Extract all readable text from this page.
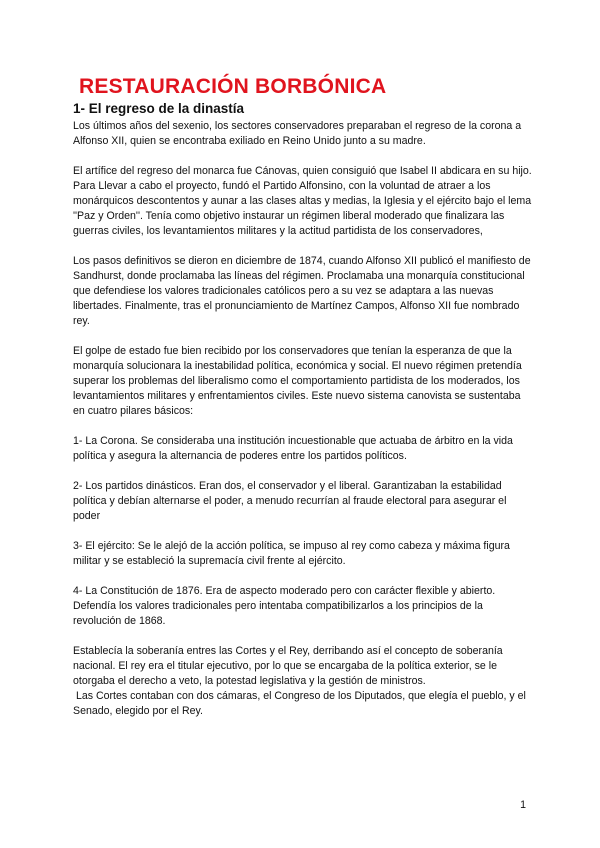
RESTAURACIÓN BORBÓNICA
1- El regreso de la dinastía

Los últimos años del sexenio, los sectores conservadores preparaban el regreso de la corona a Alfonso XII, quien se encontraba exiliado en Reino Unido junto a su madre.

El artífice del regreso del monarca fue Cánovas, quien consiguió que Isabel II abdicara en su hijo. Para Llevar a cabo el proyecto, fundó el Partido Alfonsino, con la voluntad de atraer a los monárquicos descontentos y aunar a las clases altas y medias, la Iglesia y el ejército bajo el lema ''Paz y Orden''. Tenía como objetivo instaurar un régimen liberal moderado que finalizara las guerras civiles, los levantamientos militares y la actitud partidista de los conservadores,

Los pasos definitivos se dieron en diciembre de 1874, cuando Alfonso XII publicó el manifiesto de Sandhurst, donde proclamaba las líneas del régimen. Proclamaba una monarquía constitucional que defendiese los valores tradicionales católicos pero a su vez se adaptara a las nuevas libertades. Finalmente, tras el pronunciamiento de Martínez Campos, Alfonso XII fue nombrado rey.

El golpe de estado fue bien recibido por los conservadores que tenían la esperanza de que la monarquía solucionara la inestabilidad política, económica y social. El nuevo régimen pretendía superar los problemas del liberalismo como el comportamiento partidista de los moderados, los levantamientos militares y enfrentamientos civiles. Este nuevo sistema canovista se sustentaba en cuatro pilares básicos:

1- La Corona. Se consideraba una institución incuestionable que actuaba de árbitro en la vida política y asegura la alternancia de poderes entre los partidos políticos.

2- Los partidos dinásticos. Eran dos, el conservador y el liberal. Garantizaban la estabilidad política y debían alternarse el poder, a menudo recurrían al fraude electoral para asegurar el poder

3- El ejército: Se le alejó de la acción política, se impuso al rey como cabeza y máxima figura militar y se estableció la supremacía civil frente al ejército.

4- La Constitución de 1876. Era de aspecto moderado pero con carácter flexible y abierto. Defendía los valores tradicionales pero intentaba compatibilizarlos a los principios de la revolución de 1868.

Establecía la soberanía entres las Cortes y el Rey, derribando así el concepto de soberanía nacional. El rey era el titular ejecutivo, por lo que se encargaba de la política exterior, se le otorgaba el derecho a veto, la potestad legislativa y la gestión de ministros.

Las Cortes contaban con dos cámaras, el Congreso de los Diputados, que elegía el pueblo, y el Senado, elegido por el Rey.

1
